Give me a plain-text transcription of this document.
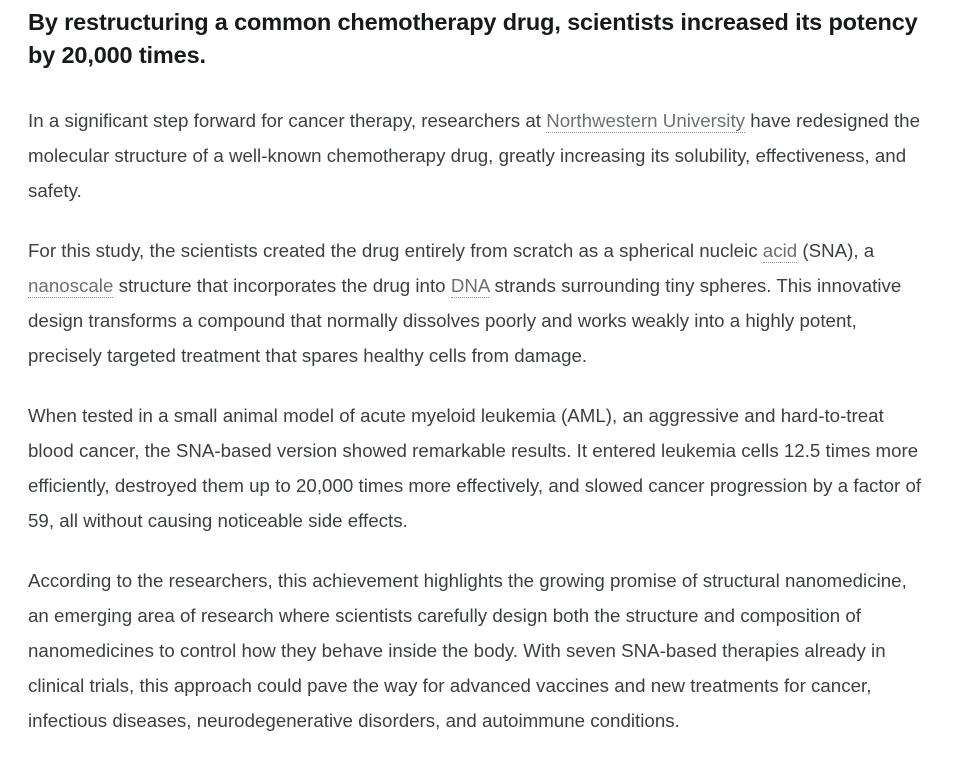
By restructuring a common chemotherapy drug, scientists increased its potency by 20,000 times.

In a significant step forward for cancer therapy, researchers at Northwestern University have redesigned the molecular structure of a well-known chemotherapy drug, greatly increasing its solubility, effectiveness, and safety.

For this study, the scientists created the drug entirely from scratch as a spherical nucleic acid (SNA), a nanoscale structure that incorporates the drug into DNA strands surrounding tiny spheres. This innovative design transforms a compound that normally dissolves poorly and works weakly into a highly potent, precisely targeted treatment that spares healthy cells from damage.

When tested in a small animal model of acute myeloid leukemia (AML), an aggressive and hard-to-treat blood cancer, the SNA-based version showed remarkable results. It entered leukemia cells 12.5 times more efficiently, destroyed them up to 20,000 times more effectively, and slowed cancer progression by a factor of 59, all without causing noticeable side effects.

According to the researchers, this achievement highlights the growing promise of structural nanomedicine, an emerging area of research where scientists carefully design both the structure and composition of nanomedicines to control how they behave inside the body. With seven SNA-based therapies already in clinical trials, this approach could pave the way for advanced vaccines and new treatments for cancer, infectious diseases, neurodegenerative disorders, and autoimmune conditions.
